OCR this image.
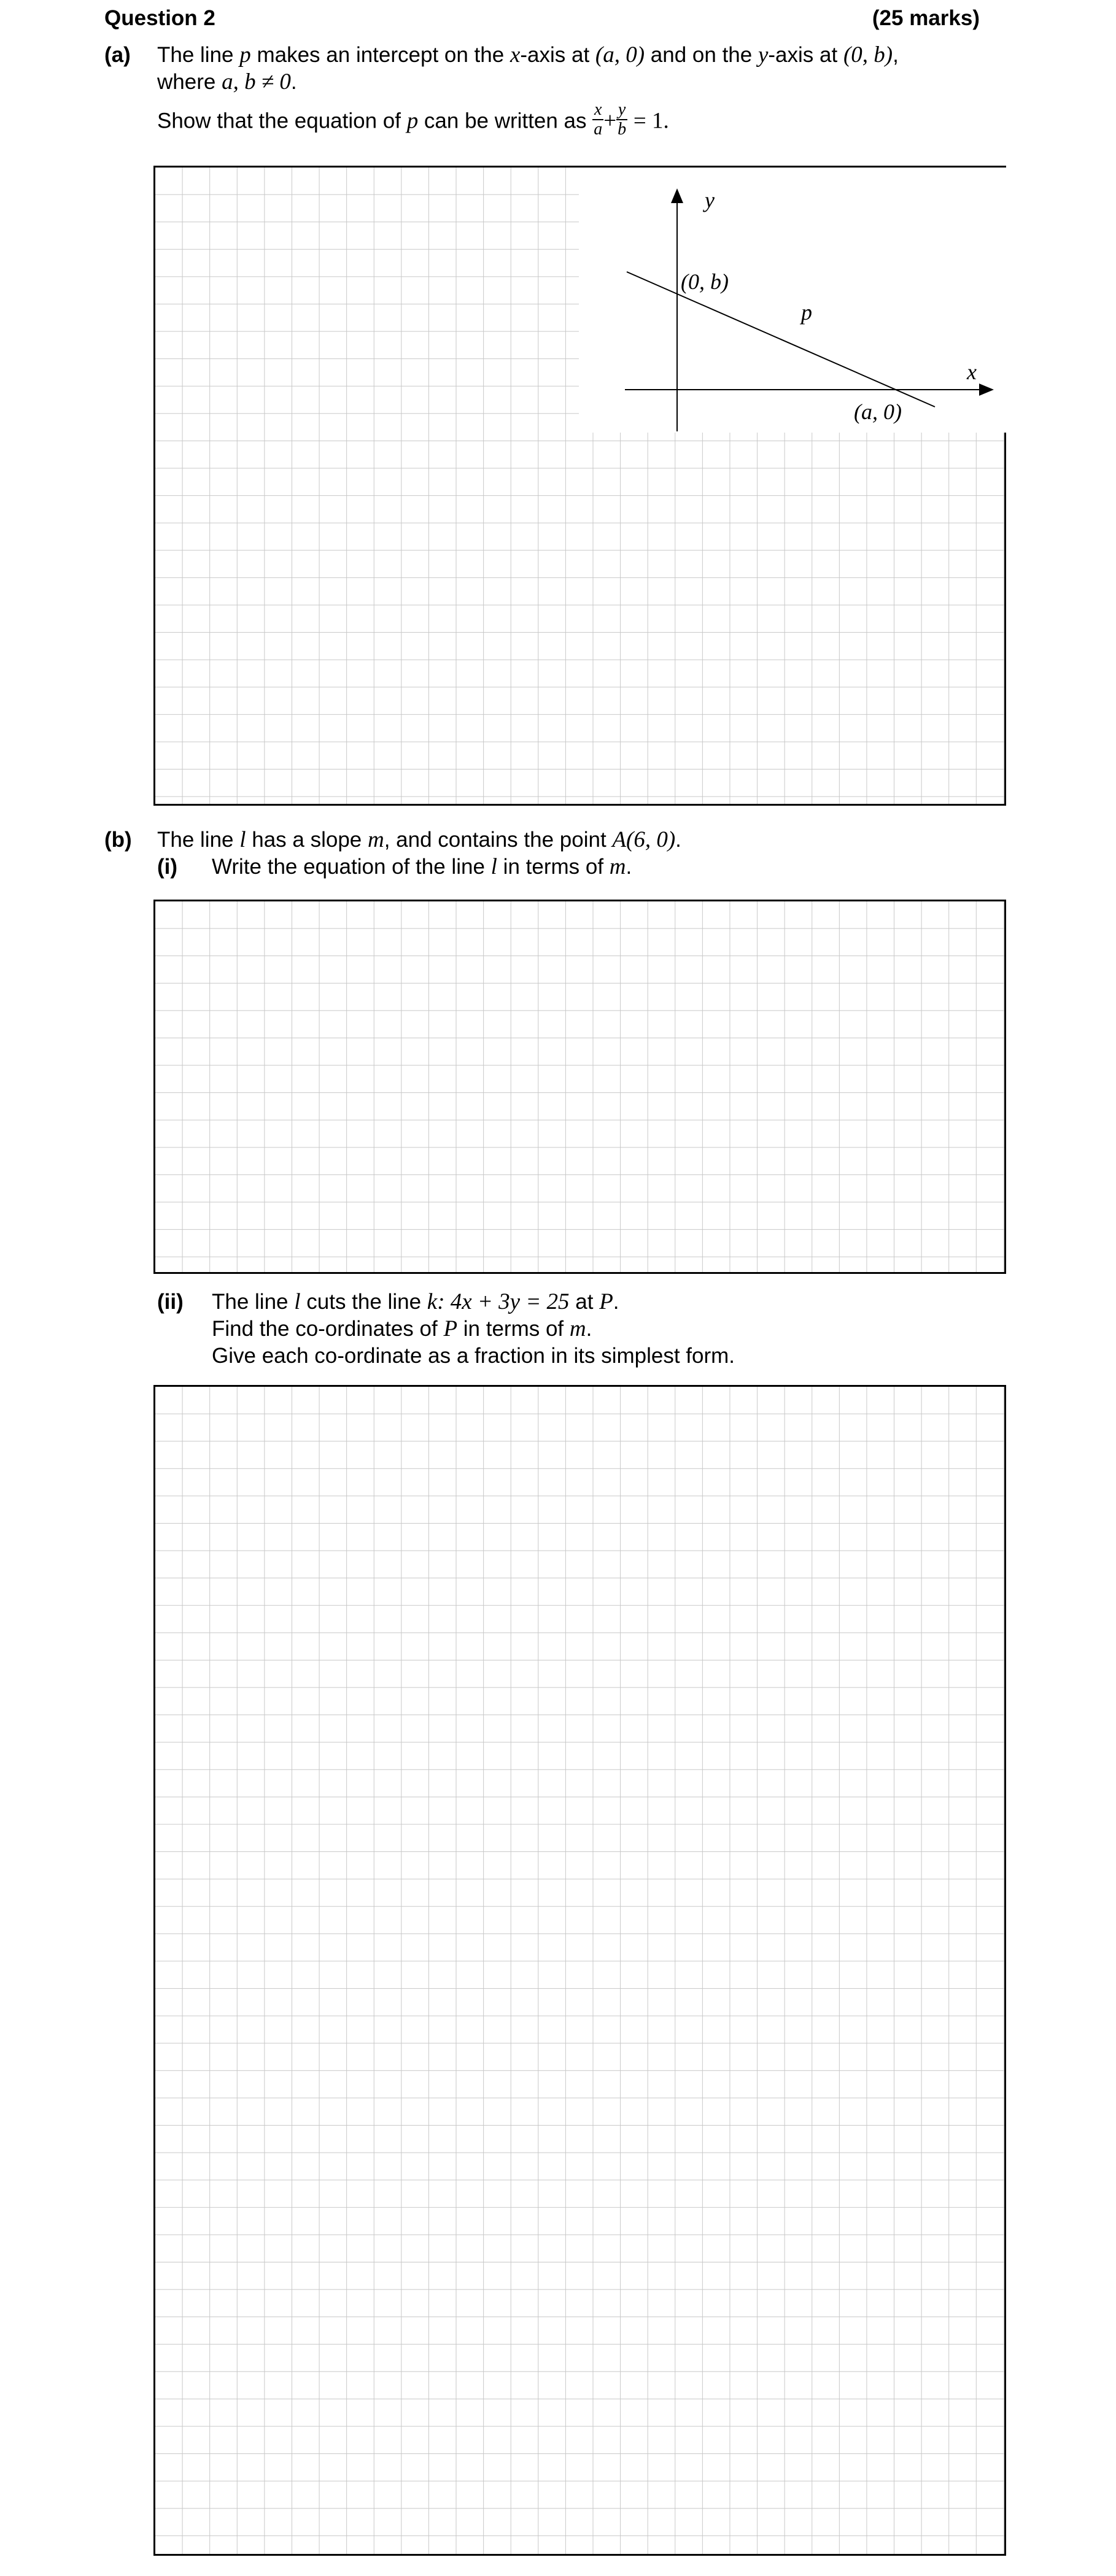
Question 2	(25 marks)
(a) The line p makes an intercept on the x-axis at (a, 0) and on the y-axis at (0, b),
where a, b ≠ 0.
Show that the equation of p can be written as $\frac{x}{a} + \frac{y}{b} = 1$.
y
x
(0, b)
p
(a, 0)
(b) The line l has a slope m, and contains the point A(6, 0).
(i) Write the equation of the line l in terms of m.
(ii) The line l cuts the line k: 4x + 3y = 25 at P.
Find the co-ordinates of P in terms of m.
Give each co-ordinate as a fraction in its simplest form.
